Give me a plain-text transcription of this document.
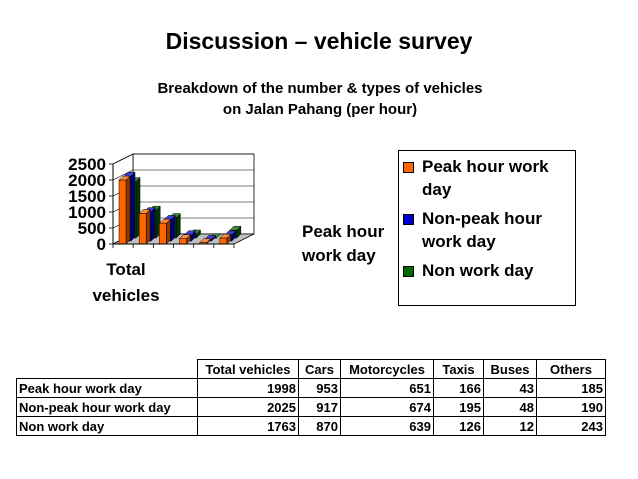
Discussion – vehicle survey
Breakdown of the number & types of vehicles
on Jalan Pahang (per hour)
0
500
1000
1500
2000
2500
Total
vehicles
Peak hour
work day
Peak hour work day
Non-peak hour work day
Non work day
	Total vehicles	Cars	Motorcycles	Taxis	Buses	Others
Peak hour work day	1998	953	651	166	43	185
Non-peak hour work day	2025	917	674	195	48	190
Non work day	1763	870	639	126	12	243
